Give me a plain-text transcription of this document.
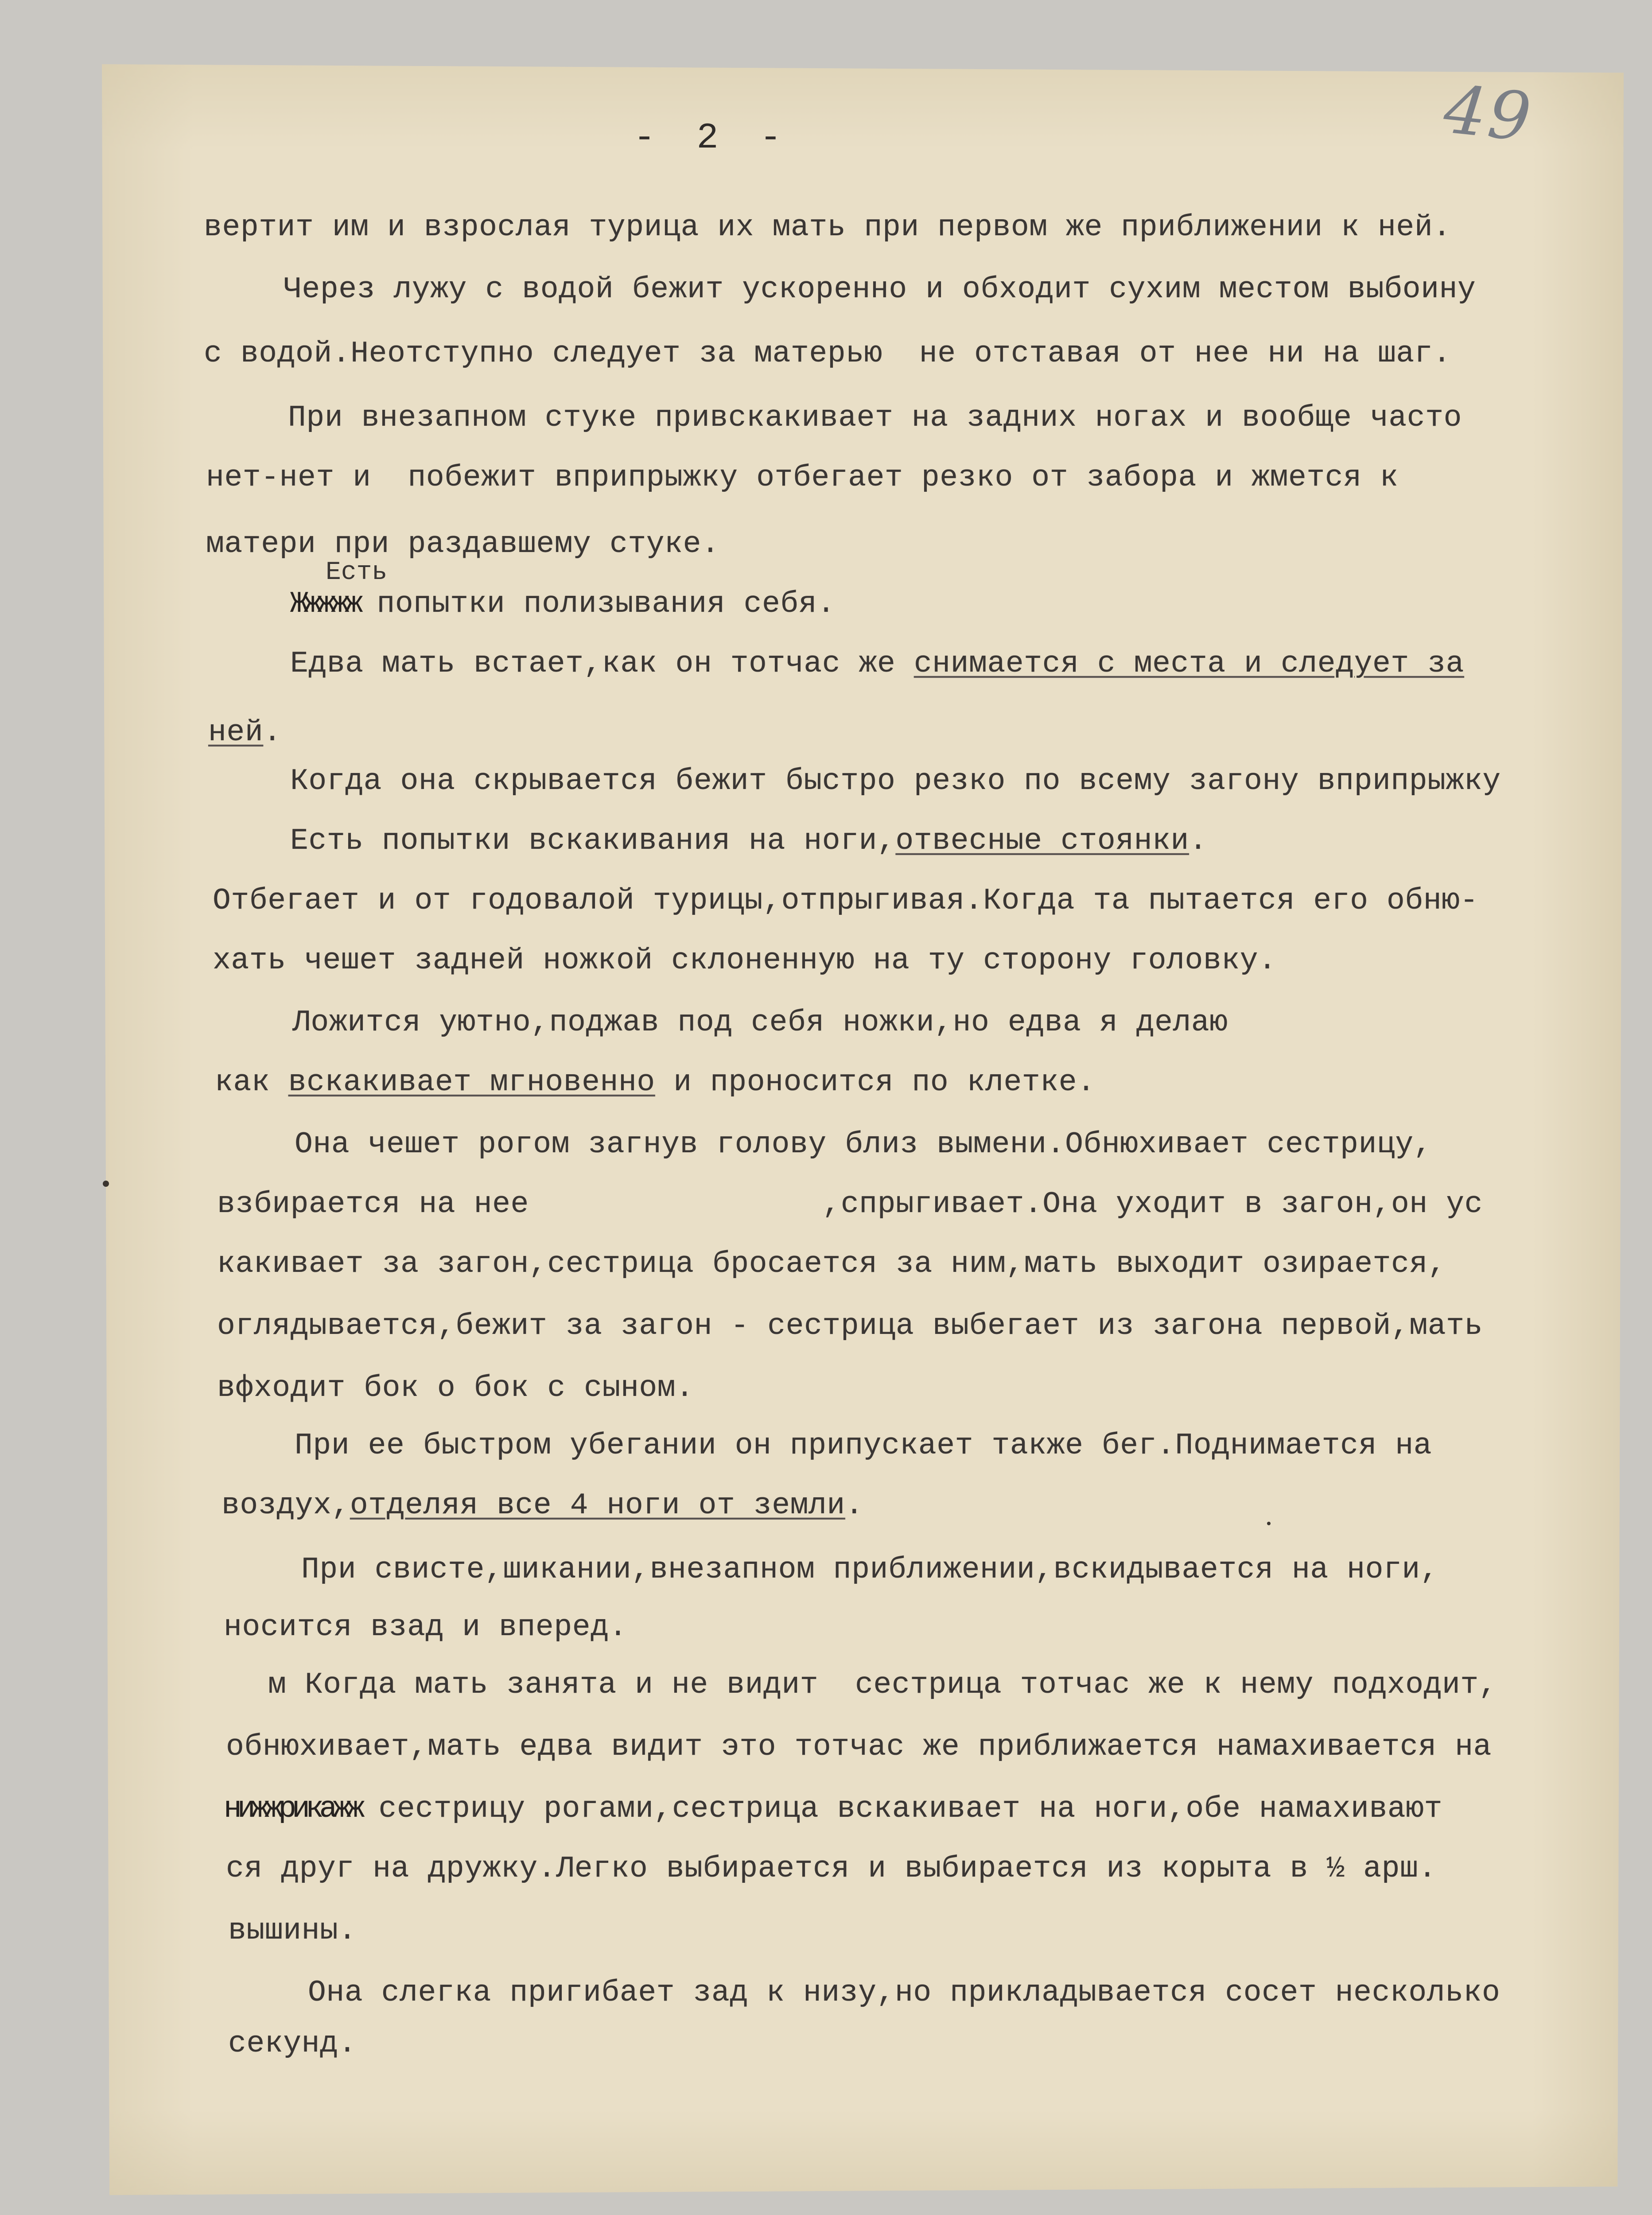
49
- 2 -
вертит им и взрослая турица их мать при первом же приближении к ней.
Через лужу с водой бежит ускоренно и обходит сухим местом выбоину
с водой.Неотступно следует за матерью  не отставая от нее ни на шаг.
При внезапном стуке привскакивает на задних ногах и вообще часто
нет-нет и  побежит вприпрыжку отбегает резко от забора и жмется к
матери при раздавшему стуке.
Жжжжж попытки полизывания себя.
Едва мать встает,как он тотчас же снимается с места и следует за
ней.
Когда она скрывается бежит быстро резко по всему загону вприпрыжку
Есть попытки вскакивания на ноги,отвесные стоянки.
Отбегает и от годовалой турицы,отпрыгивая.Когда та пытается его обню-
хать чешет задней ножкой склоненную на ту сторону головку.
Ложится уютно,поджав под себя ножки,но едва я делаю
как вскакивает мгновенно и проносится по клетке.
Она чешет рогом загнув голову близ вымени.Обнюхивает сестрицу,
взбирается на нее                ,спрыгивает.Она уходит в загон,он ус
какивает за загон,сестрица бросается за ним,мать выходит озирается,
оглядывается,бежит за загон - сестрица выбегает из загона первой,мать
вфходит бок о бок с сыном.
При ее быстром убегании он припускает также бег.Поднимается на
воздух,отделяя все 4 ноги от земли.
При свисте,шикании,внезапном приближении,вскидывается на ноги,
носится взад и вперед.
м Когда мать занята и не видит  сестрица тотчас же к нему подходит,
обнюхивает,мать едва видит это тотчас же приближается намахивается на
нижжрикажж сестрицу рогами,сестрица вскакивает на ноги,обе намахивают
ся друг на дружку.Легко выбирается и выбирается из корыта в ½ арш.
вышины.
Она слегка пригибает зад к низу,но прикладывается сосет несколько
секунд.
Есть
